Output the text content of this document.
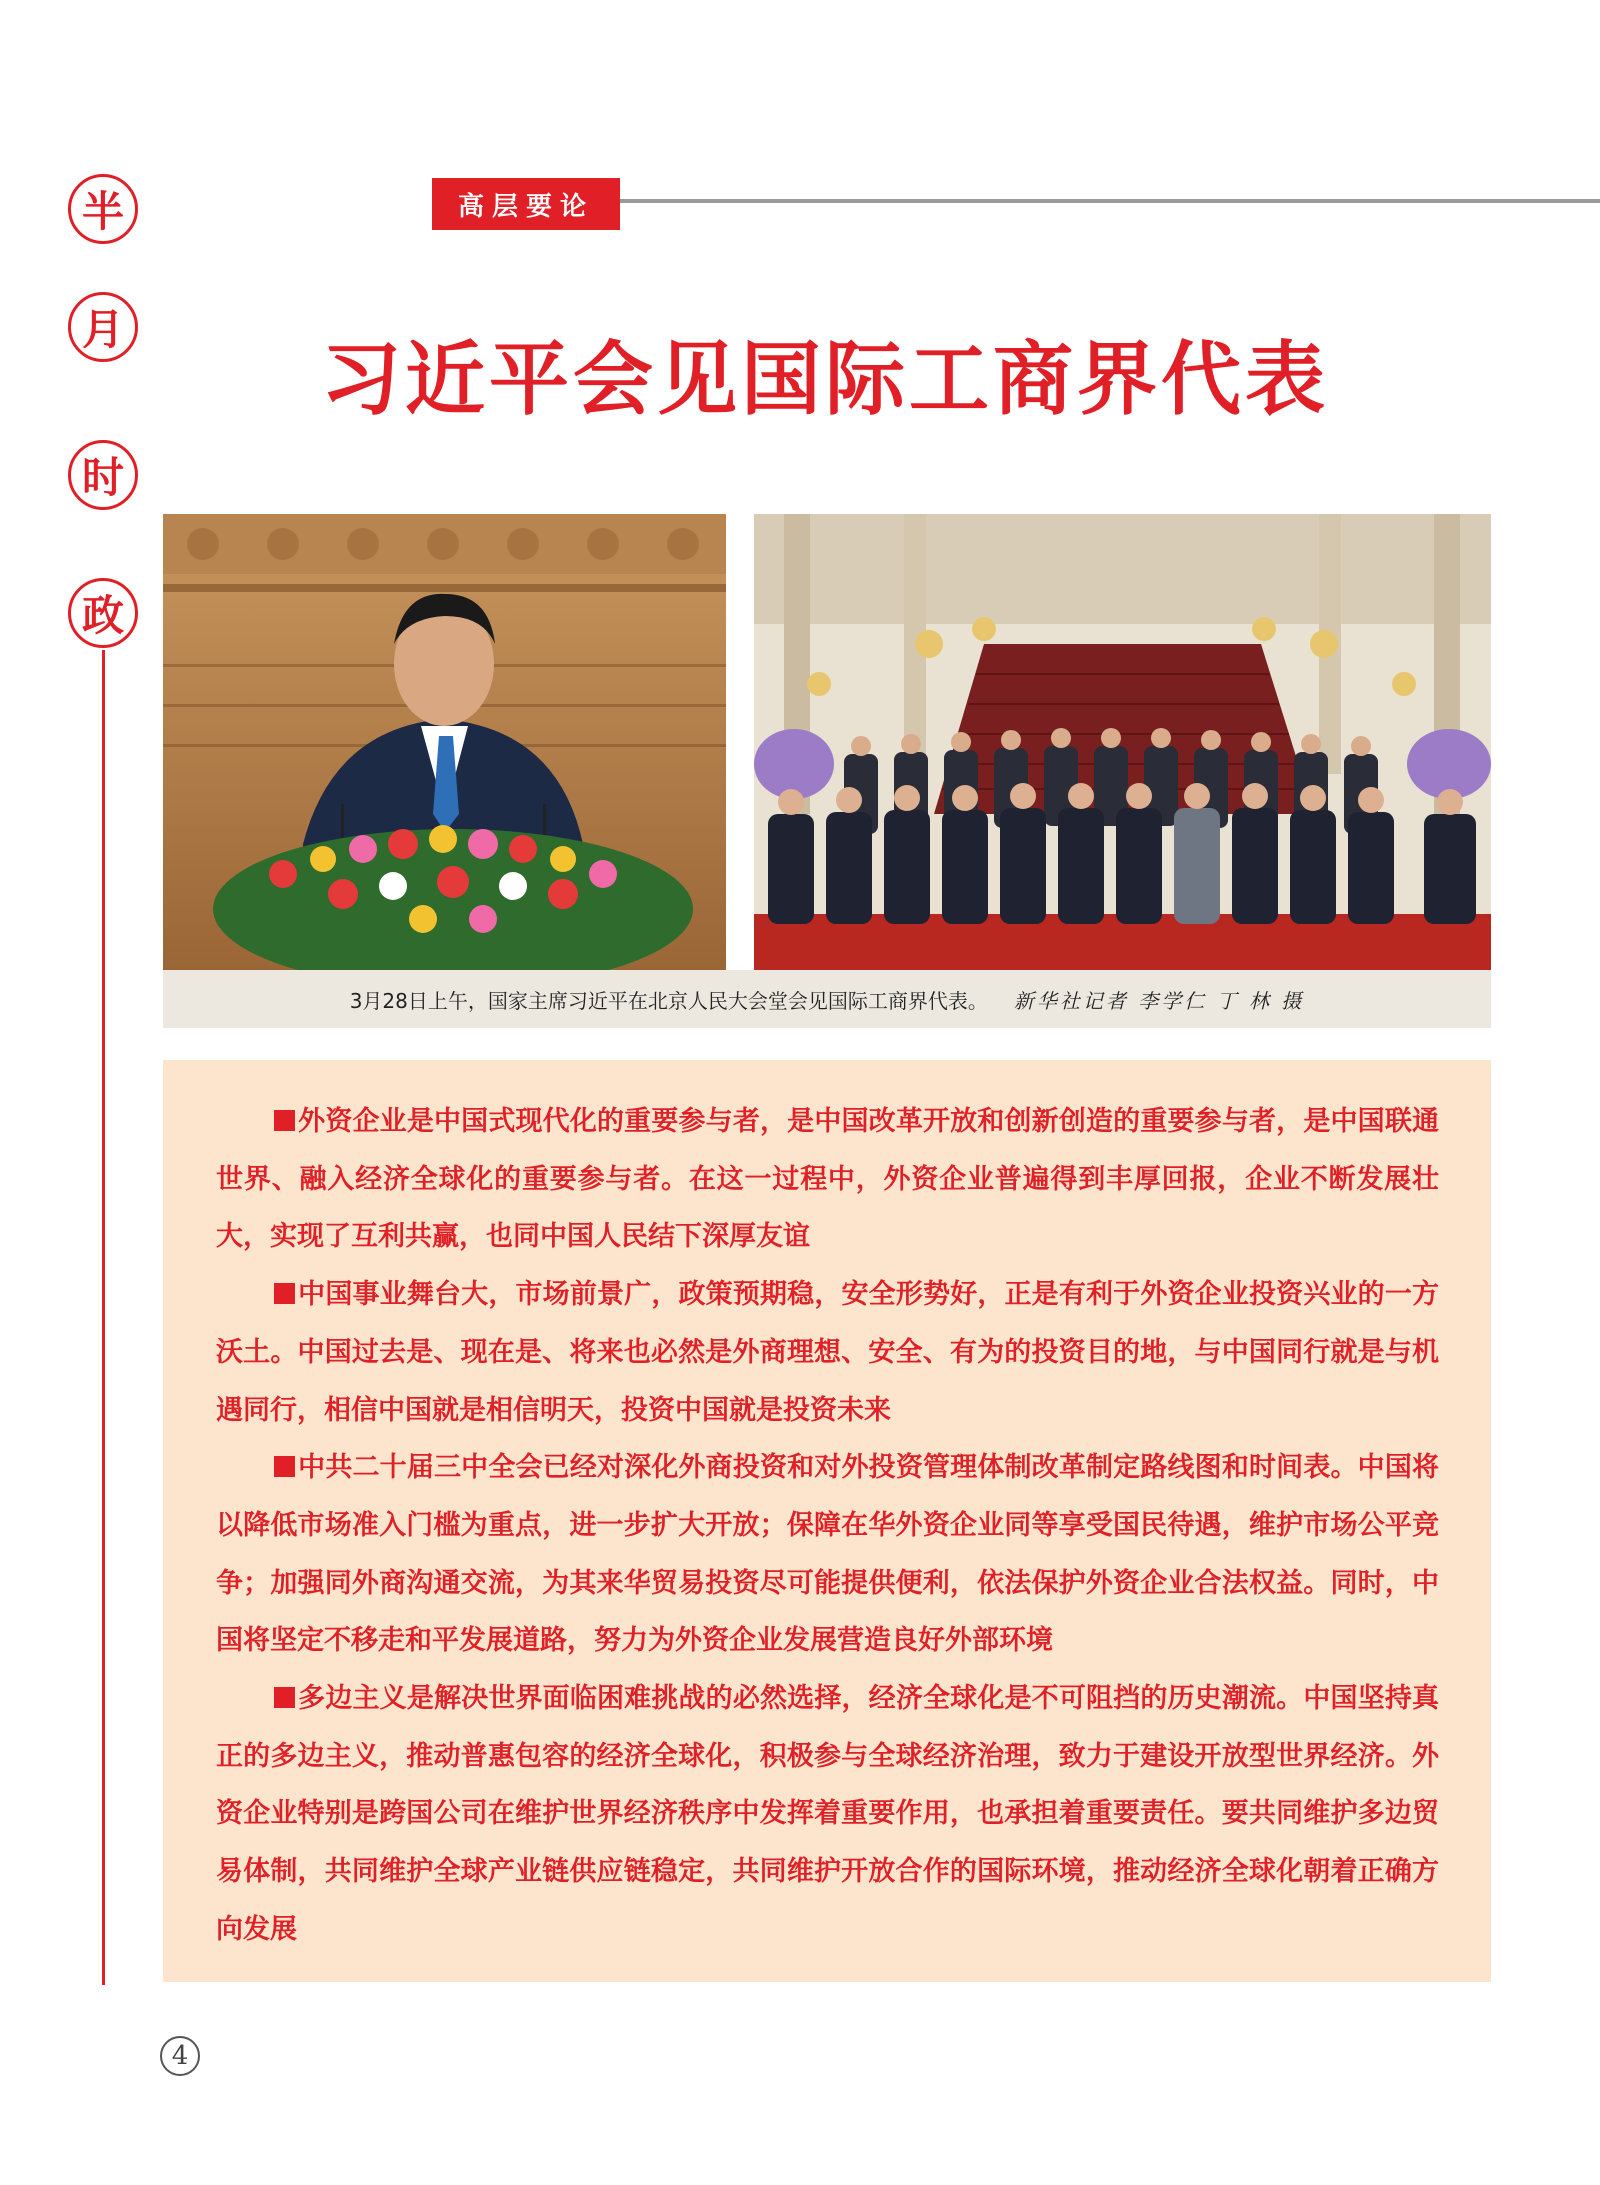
半
月
时
政
高层要论
习近平会见国际工商界代表
3月28日上午，国家主席习近平在北京人民大会堂会见国际工商界代表。 新华社记者 李学仁 丁 林 摄

外资企业是中国式现代化的重要参与者，是中国改革开放和创新创造的重要参与者，是中国联通世界、融入经济全球化的重要参与者。在这一过程中，外资企业普遍得到丰厚回报，企业不断发展壮大，实现了互利共赢，也同中国人民结下深厚友谊

中国事业舞台大，市场前景广，政策预期稳，安全形势好，正是有利于外资企业投资兴业的一方沃土。中国过去是、现在是、将来也必然是外商理想、安全、有为的投资目的地，与中国同行就是与机遇同行，相信中国就是相信明天，投资中国就是投资未来

中共二十届三中全会已经对深化外商投资和对外投资管理体制改革制定路线图和时间表。中国将以降低市场准入门槛为重点，进一步扩大开放；保障在华外资企业同等享受国民待遇，维护市场公平竞争；加强同外商沟通交流，为其来华贸易投资尽可能提供便利，依法保护外资企业合法权益。同时，中国将坚定不移走和平发展道路，努力为外资企业发展营造良好外部环境

多边主义是解决世界面临困难挑战的必然选择，经济全球化是不可阻挡的历史潮流。中国坚持真正的多边主义，推动普惠包容的经济全球化，积极参与全球经济治理，致力于建设开放型世界经济。外资企业特别是跨国公司在维护世界经济秩序中发挥着重要作用，也承担着重要责任。要共同维护多边贸易体制，共同维护全球产业链供应链稳定，共同维护开放合作的国际环境，推动经济全球化朝着正确方向发展

4
